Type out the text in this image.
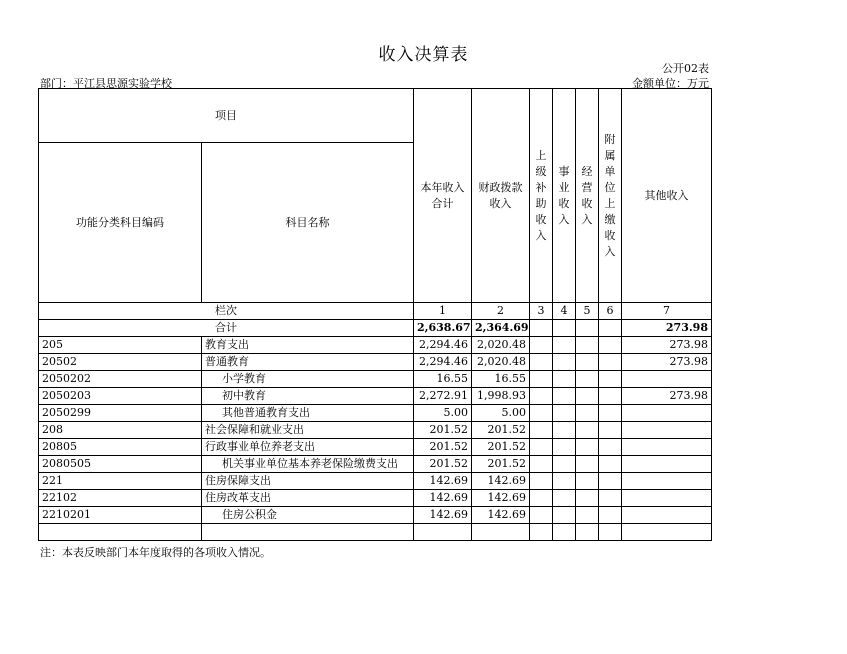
收入决算表
公开02表
部门：平江县思源实验学校	金额单位：万元
项目		本年收入合计	财政拨款收入	上级补助收入	事业收入	经营收入	附属单位上缴收入	其他收入
功能分类科目编码	科目名称							
栏次		1	2	3	4	5	6	7
合计		2,638.67	2,364.69					273.98
205	教育支出	2,294.46	2,020.48					273.98
20502	普通教育	2,294.46	2,020.48					273.98
2050202	小学教育	16.55	16.55					
2050203	初中教育	2,272.91	1,998.93					273.98
2050299	其他普通教育支出	5.00	5.00					
208	社会保障和就业支出	201.52	201.52					
20805	行政事业单位养老支出	201.52	201.52					
2080505	机关事业单位基本养老保险缴费支出	201.52	201.52					
221	住房保障支出	142.69	142.69					
22102	住房改革支出	142.69	142.69					
2210201	住房公积金	142.69	142.69					

注：本表反映部门本年度取得的各项收入情况。
